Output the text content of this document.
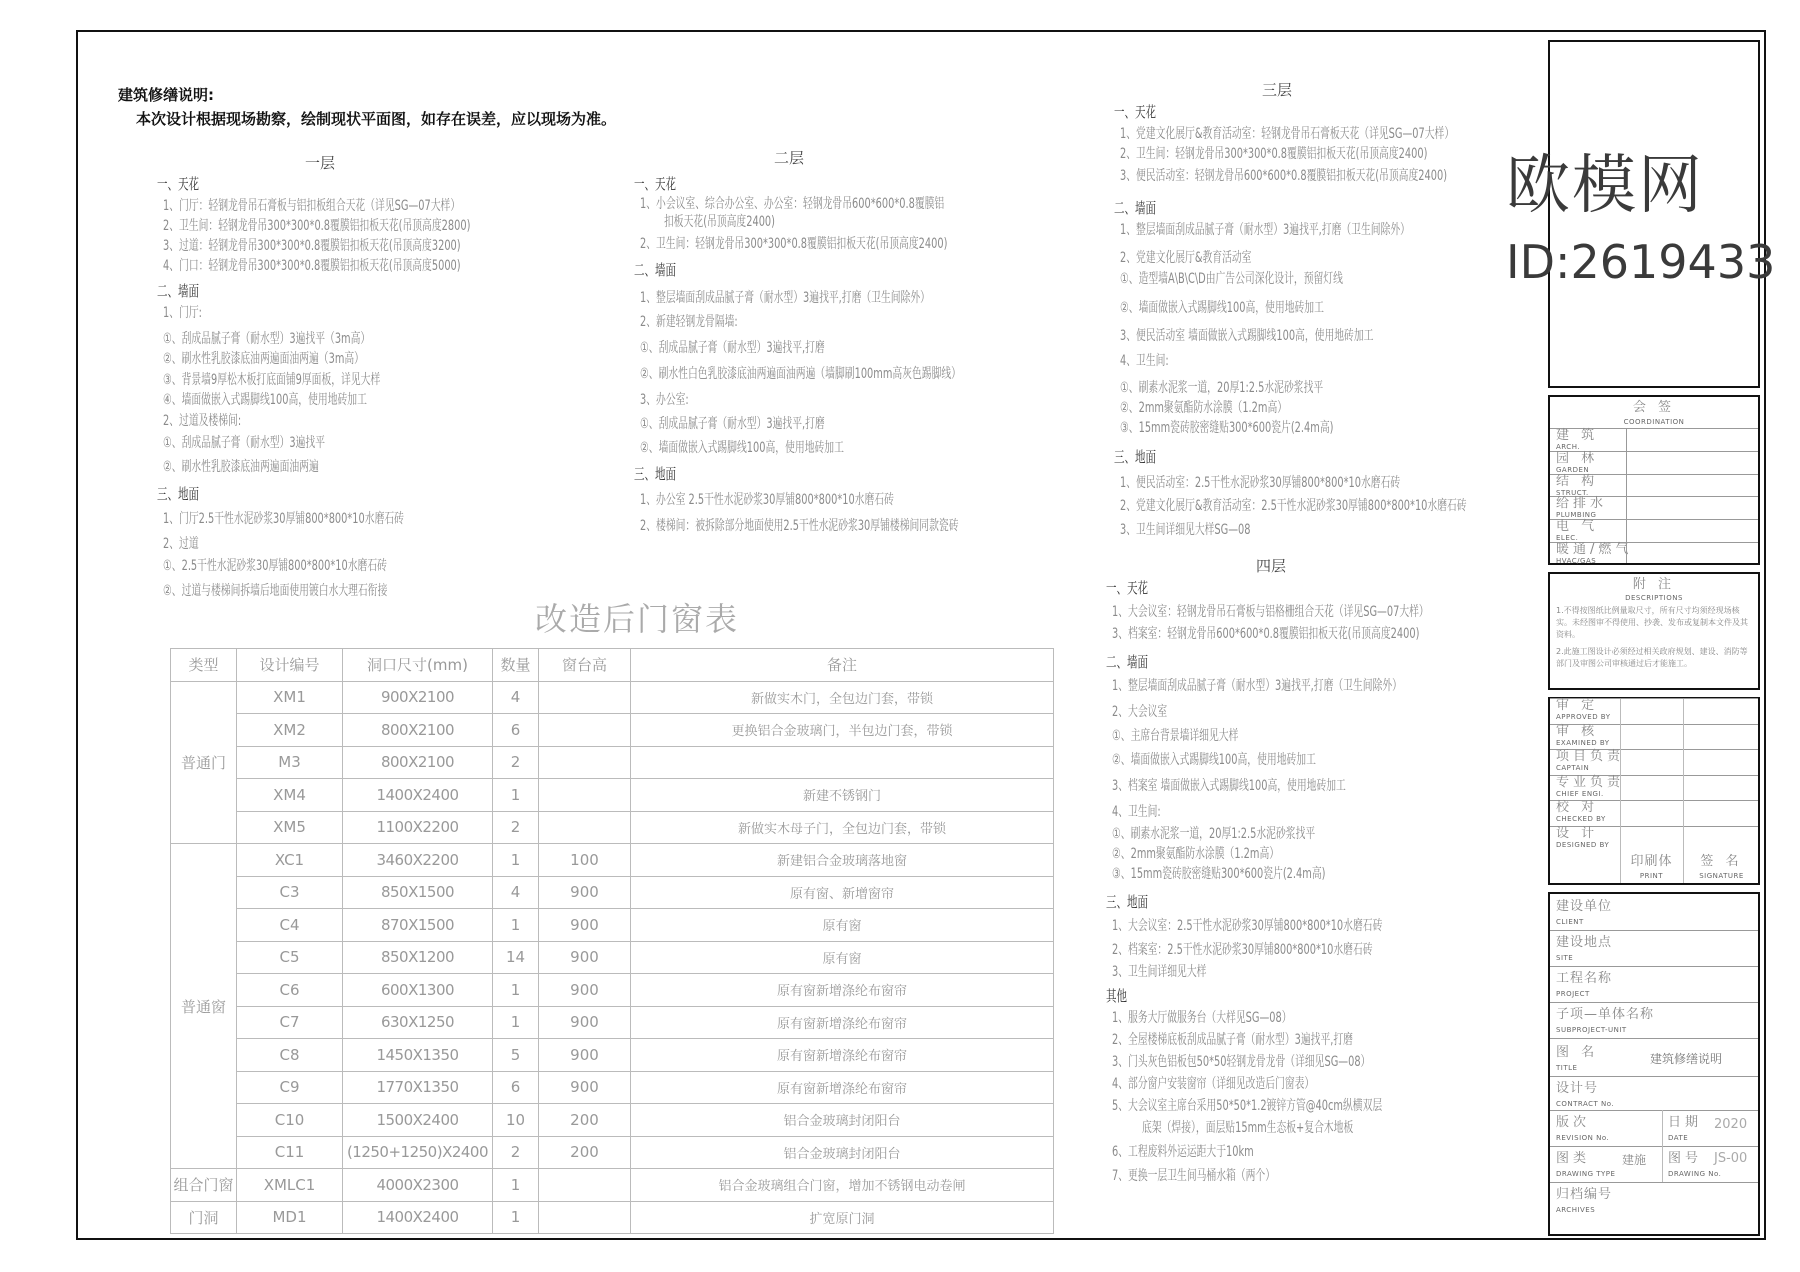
建筑修缮说明:
本次设计根据现场勘察，绘制现状平面图，如存在误差，应以现场为准。
一层
一、天花
1、门厅：轻钢龙骨吊石膏板与铝扣板组合天花（详见SG—07大样）
2、卫生间：轻钢龙骨吊300*300*0.8覆膜铝扣板天花(吊顶高度2800)
3、过道：轻钢龙骨吊300*300*0.8覆膜铝扣板天花(吊顶高度3200)
4、门口：轻钢龙骨吊300*300*0.8覆膜铝扣板天花(吊顶高度5000)
二、墙面
1、门厅:
①、刮成品腻子膏（耐水型）3遍找平（3m高）
②、刷水性乳胶漆底油两遍面油两遍（3m高）
③、背景墙9厚松木板打底面铺9厚面板，详见大样
④、墙面做嵌入式踢脚线100高，使用地砖加工
2、过道及楼梯间:
①、刮成品腻子膏（耐水型）3遍找平
②、刷水性乳胶漆底油两遍面油两遍
三、地面
1、门厅2.5干性水泥砂浆30厚铺800*800*10水磨石砖
2、过道
①、2.5干性水泥砂浆30厚铺800*800*10水磨石砖
②、过道与楼梯间拆墙后地面使用镀白水大理石衔接
二层
一、天花
1、小会议室、综合办公室、办公室：轻钢龙骨吊600*600*0.8覆膜铝
扣板天花(吊顶高度2400)
2、卫生间：轻钢龙骨吊300*300*0.8覆膜铝扣板天花(吊顶高度2400)
二、墙面
1、整层墙面刮成品腻子膏（耐水型）3遍找平,打磨（卫生间除外）
2、新建轻钢龙骨隔墙:
①、刮成品腻子膏（耐水型）3遍找平,打磨
②、刷水性白色乳胶漆底油两遍面油两遍（墙脚刷100mm高灰色踢脚线）
3、办公室:
①、刮成品腻子膏（耐水型）3遍找平,打磨
②、墙面做嵌入式踢脚线100高，使用地砖加工
三、地面
1、办公室 2.5干性水泥砂浆30厚铺800*800*10水磨石砖
2、楼梯间：被拆除部分地面使用2.5干性水泥砂浆30厚铺楼梯间同款瓷砖
三层
一、天花
1、党建文化展厅&教育活动室：轻钢龙骨吊石膏板天花（详见SG—07大样）
2、卫生间：轻钢龙骨吊300*300*0.8覆膜铝扣板天花(吊顶高度2400)
3、便民活动室：轻钢龙骨吊600*600*0.8覆膜铝扣板天花(吊顶高度2400)
二、墙面
1、整层墙面刮成品腻子膏（耐水型）3遍找平,打磨（卫生间除外）
2、党建文化展厅&教育活动室
①、造型墙A\B\C\D由广告公司深化设计，预留灯线
②、墙面做嵌入式踢脚线100高，使用地砖加工
3、便民活动室 墙面做嵌入式踢脚线100高，使用地砖加工
4、卫生间:
①、刷素水泥浆一道，20厚1:2.5水泥砂浆找平
②、2mm聚氨酯防水涂膜（1.2m高）
③、15mm瓷砖胶密缝贴300*600瓷片(2.4m高)
三、地面
1、便民活动室：2.5干性水泥砂浆30厚铺800*800*10水磨石砖
2、党建文化展厅&教育活动室：2.5干性水泥砂浆30厚铺800*800*10水磨石砖
3、卫生间详细见大样SG—08
四层
一、天花
1、大会议室：轻钢龙骨吊石膏板与铝格栅组合天花（详见SG—07大样）
3、档案室：轻钢龙骨吊600*600*0.8覆膜铝扣板天花(吊顶高度2400)
二、墙面
1、整层墙面刮成品腻子膏（耐水型）3遍找平,打磨（卫生间除外）
2、大会议室
①、主席台背景墙详细见大样
②、墙面做嵌入式踢脚线100高，使用地砖加工
3、档案室 墙面做嵌入式踢脚线100高，使用地砖加工
4、卫生间:
①、刷素水泥浆一道，20厚1:2.5水泥砂浆找平
②、2mm聚氨酯防水涂膜（1.2m高）
③、15mm瓷砖胶密缝贴300*600瓷片(2.4m高)
三、地面
1、大会议室：2.5干性水泥砂浆30厚铺800*800*10水磨石砖
2、档案室：2.5干性水泥砂浆30厚铺800*800*10水磨石砖
3、卫生间详细见大样
其他
1、服务大厅做服务台（大样见SG—08）
2、全屋楼梯底板刮成品腻子膏（耐水型）3遍找平,打磨
3、门头灰色铝板包50*50轻钢龙骨龙骨（详细见SG—08）
4、部分窗户安装窗帘（详细见改造后门窗表）
5、大会议室主席台采用50*50*1.2镀锌方管@40cm纵横双层
底架（焊接），面层贴15mm生态板+复合木地板
6、工程废料外运运距大于10km
7、更换一层卫生间马桶水箱（两个）
改造后门窗表
类型	设计编号	洞口尺寸(mm)	数量	窗台高	备注
普通门	XM1	900X2100	4		新做实木门，全包边门套，带锁
	XM2	800X2100	6		更换铝合金玻璃门，半包边门套，带锁
	M3	800X2100	2		
	XM4	1400X2400	1		新建不锈钢门
	XM5	1100X2200	2		新做实木母子门，全包边门套，带锁
普通窗	XC1	3460X2200	1	100	新建铝合金玻璃落地窗
	C3	850X1500	4	900	原有窗、新增窗帘
	C4	870X1500	1	900	原有窗
	C5	850X1200	14	900	原有窗
	C6	600X1300	1	900	原有窗新增涤纶布窗帘
	C7	630X1250	1	900	原有窗新增涤纶布窗帘
	C8	1450X1350	5	900	原有窗新增涤纶布窗帘
	C9	1770X1350	6	900	原有窗新增涤纶布窗帘
	C10	1500X2400	10	200	铝合金玻璃封闭阳台
	C11	(1250+1250)X2400	2	200	铝合金玻璃封闭阳台
组合门窗	XMLC1	4000X2300	1		铝合金玻璃组合门窗，增加不锈钢电动卷闸
门洞	MD1	1400X2400	1		扩宽原门洞
会 签
COORDINATION
建 筑
ARCH.
园 林
GARDEN
结 构
STRUCT.
给排水
PLUMBING
电 气
ELEC.
暖通/燃气
HVAC/GAS
附 注
DESCRIPTIONS
1.不得按图纸比例量取尺寸，所有尺寸均须经现场核实。未经图审不得使用、抄袭、发布或复制本文件及其资料。
2.此施工图设计必须经过相关政府规划、建设、消防等部门及审图公司审核通过后才能施工。
审 定
APPROVED BY
审 核
EXAMINED BY
项目负责
CAPTAIN
专业负责
CHIEF ENGI.
校 对
CHECKED BY
设 计
DESIGNED BY
印刷体
PRINT
签 名
SIGNATURE
建设单位
CLIENT
建设地点
SITE
工程名称
PROJECT
子项—单体名称
SUBPROJECT-UNIT
图 名
TITLE
建筑修缮说明
设计号
CONTRACT No.
版次
REVISION No.
日期
DATE
2020
图类
DRAWING TYPE
建施 图号
DRAWING No.
JS-00
归档编号
ARCHIVES
欧模网
ID:2619433
